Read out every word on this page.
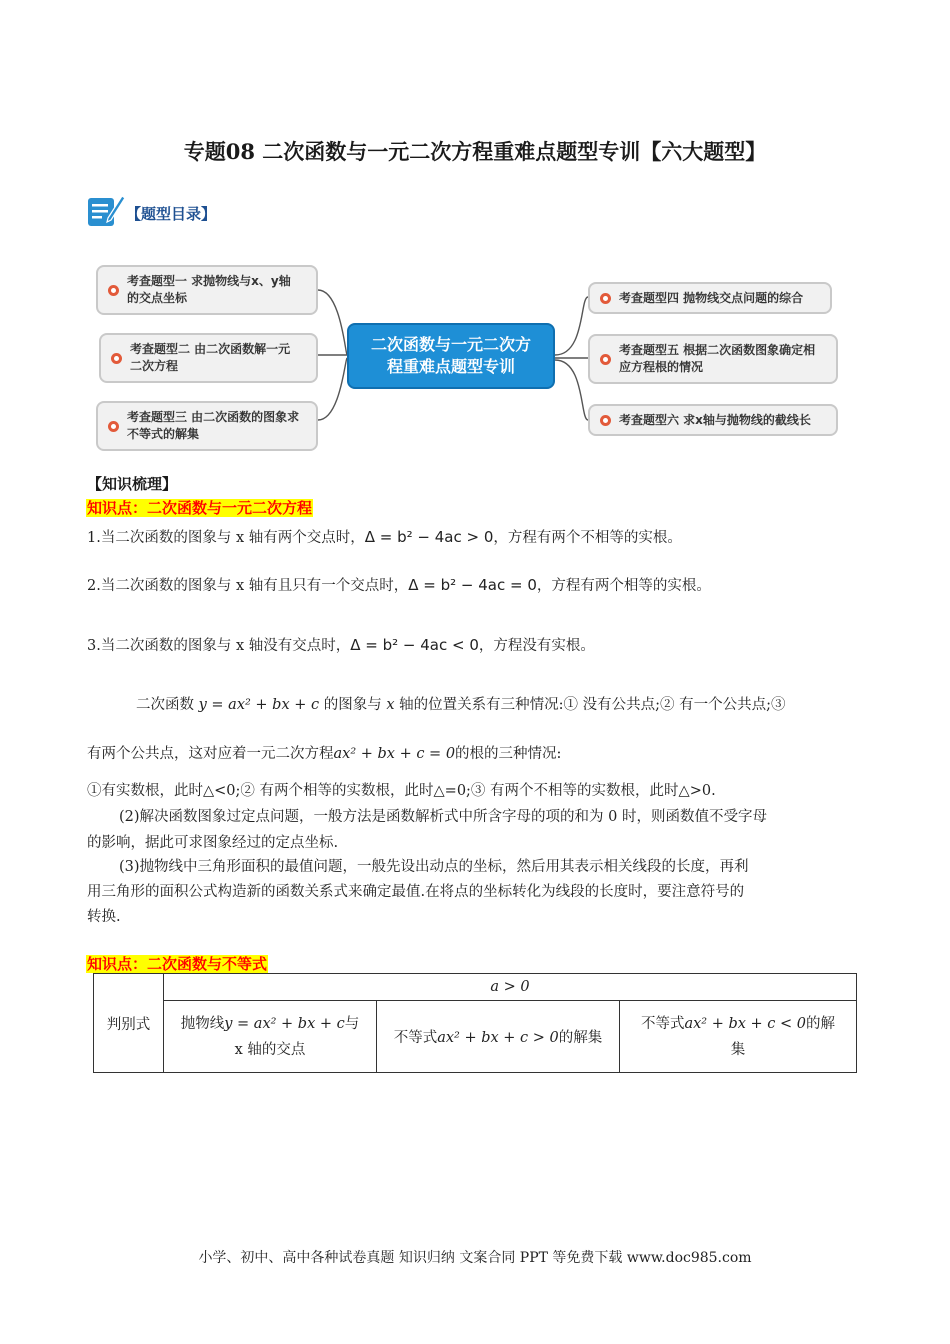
专题08 二次函数与一元二次方程重难点题型专训【六大题型】
【题型目录】
考查题型一 求抛物线与x、y轴
的交点坐标
考查题型二 由二次函数解一元
二次方程
考查题型三 由二次函数的图象求
不等式的解集
二次函数与一元二次方
程重难点题型专训
考查题型四 抛物线交点问题的综合
考查题型五 根据二次函数图象确定相
应方程根的情况
考查题型六 求x轴与抛物线的截线长
【知识梳理】
知识点：二次函数与一元二次方程
1.当二次函数的图象与 x 轴有两个交点时，Δ = b² − 4ac > 0，方程有两个不相等的实根。
2.当二次函数的图象与 x 轴有且只有一个交点时，Δ = b² − 4ac = 0，方程有两个相等的实根。
3.当二次函数的图象与 x 轴没有交点时，Δ = b² − 4ac < 0，方程没有实根。
二次函数 y = ax² + bx + c 的图象与 x 轴的位置关系有三种情况:① 没有公共点;② 有一个公共点;③
有两个公共点，这对应着一元二次方程ax² + bx + c = 0的根的三种情况:
①有实数根，此时△<0;② 有两个相等的实数根，此时△=0;③ 有两个不相等的实数根，此时△>0.
(2)解决函数图象过定点问题，一般方法是函数解析式中所含字母的项的和为 0 时，则函数值不受字母
的影响，据此可求图象经过的定点坐标.
(3)抛物线中三角形面积的最值问题，一般先设出动点的坐标，然后用其表示相关线段的长度，再利
用三角形的面积公式构造新的函数关系式来确定最值.在将点的坐标转化为线段的长度时，要注意符号的
转换.
知识点：二次函数与不等式
判别式	a > 0		
	抛物线y = ax² + bx + c与
x 轴的交点	不等式ax² + bx + c > 0的解集	不等式ax² + bx + c < 0的解
集
小学、初中、高中各种试卷真题 知识归纳 文案合同 PPT 等免费下载 www.doc985.com
